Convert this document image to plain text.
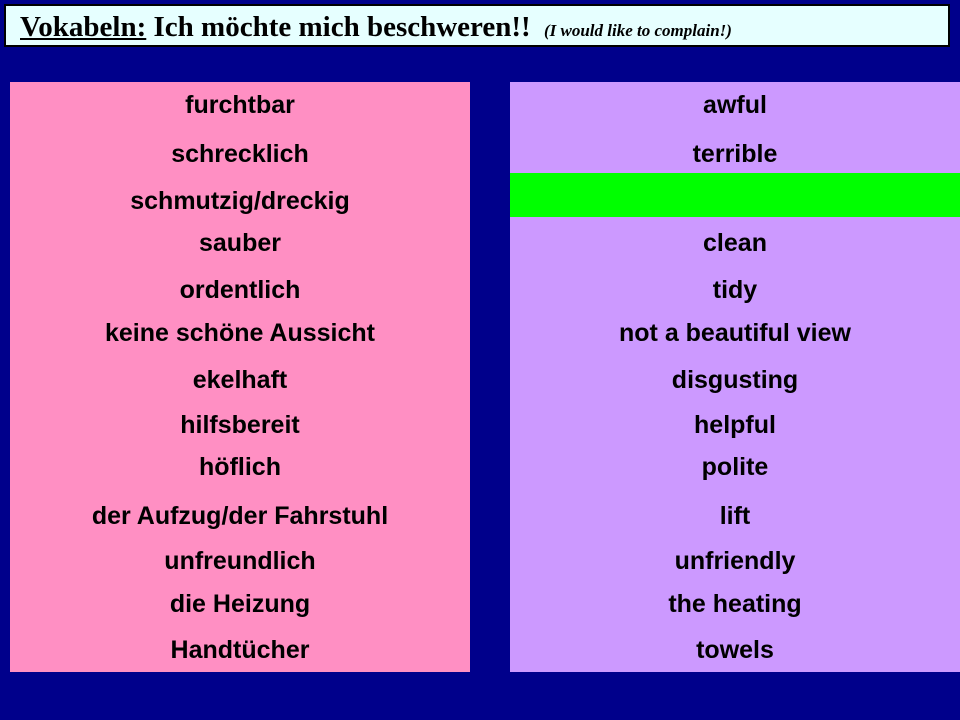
Vokabeln: Ich möchte mich beschweren!! (I would like to complain!)
furchtbar
schrecklich
schmutzig/dreckig
sauber
ordentlich
keine schöne Aussicht
ekelhaft
hilfsbereit
höflich
der Aufzug/der Fahrstuhl
unfreundlich
die Heizung
Handtücher
awful
terrible
clean
tidy
not a beautiful view
disgusting
helpful
polite
lift
unfriendly
the heating
towels
